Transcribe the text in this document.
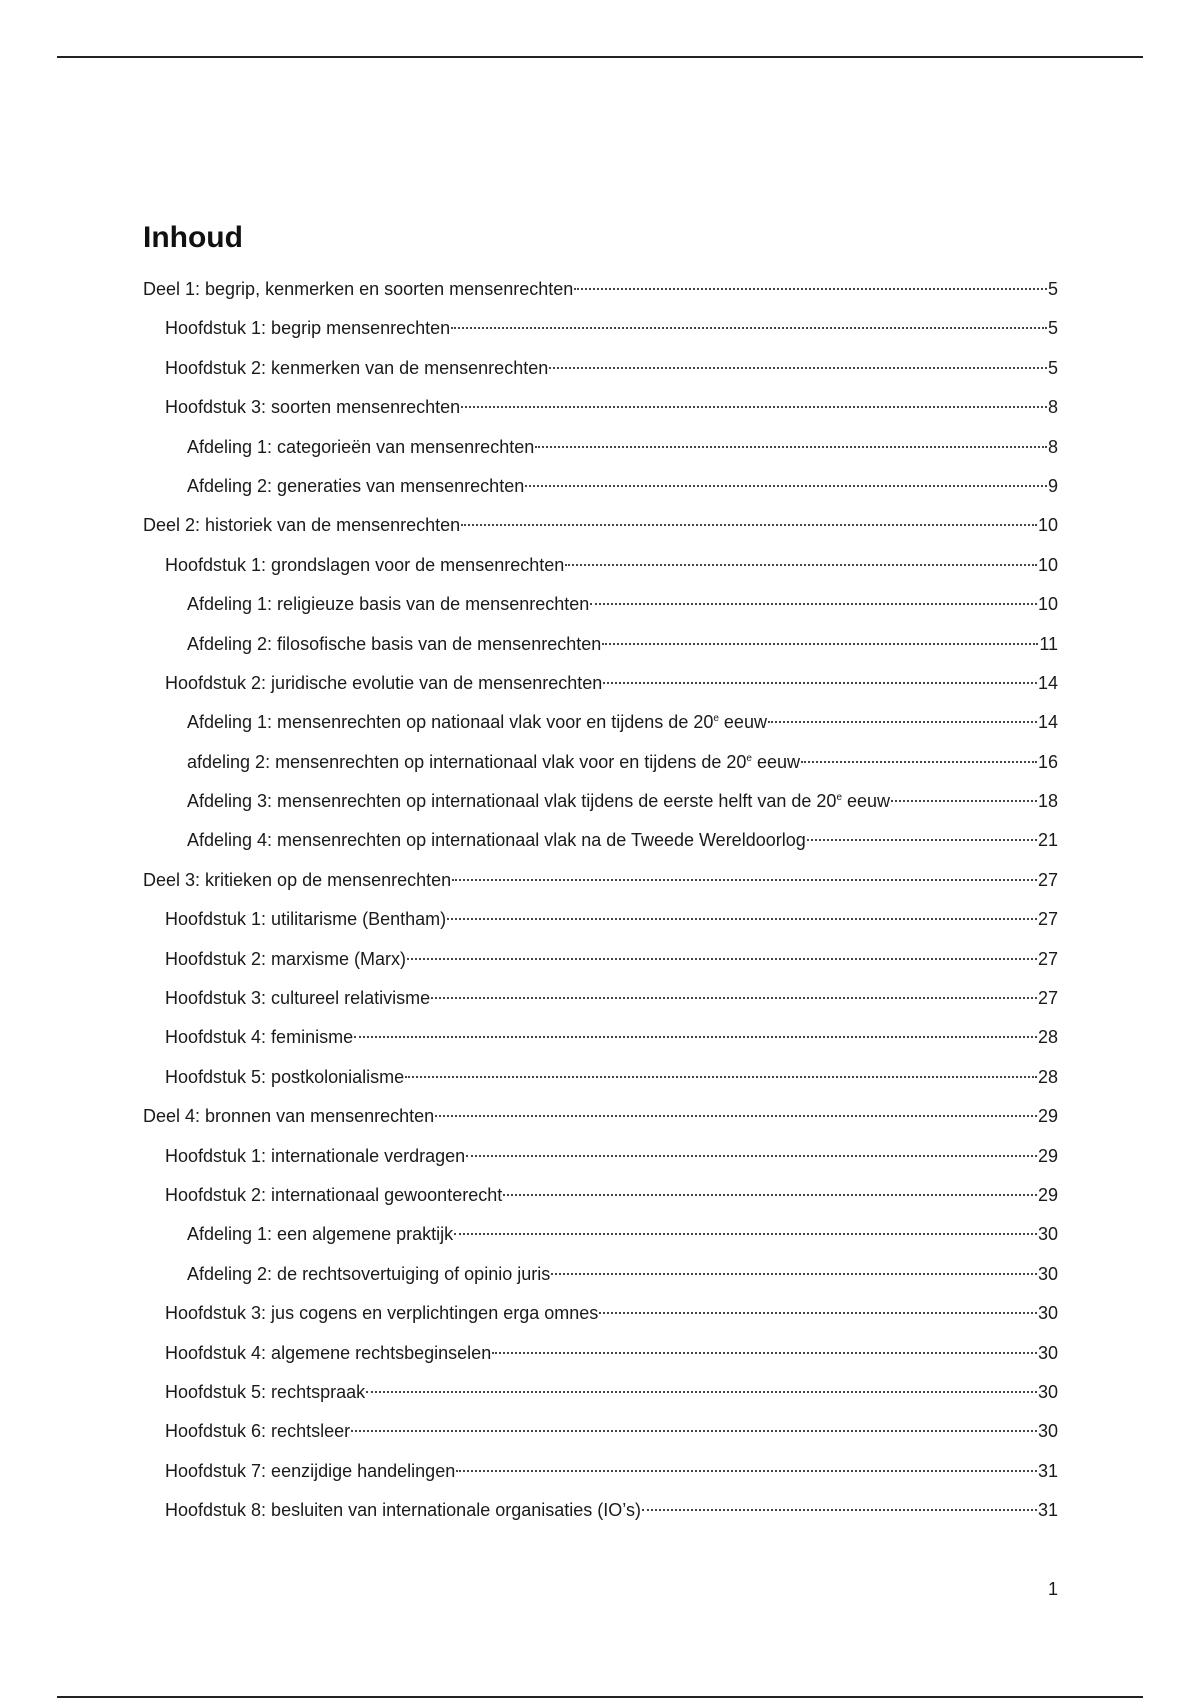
Inhoud
Deel 1: begrip, kenmerken en soorten mensenrechten	5
Hoofdstuk 1: begrip mensenrechten	5
Hoofdstuk 2: kenmerken van de mensenrechten	5
Hoofdstuk 3: soorten mensenrechten	8
Afdeling 1: categorieën van mensenrechten	8
Afdeling 2: generaties van mensenrechten	9
Deel 2: historiek van de mensenrechten	10
Hoofdstuk 1: grondslagen voor de mensenrechten	10
Afdeling 1: religieuze basis van de mensenrechten	10
Afdeling 2: filosofische basis van de mensenrechten	11
Hoofdstuk 2: juridische evolutie van de mensenrechten	14
Afdeling 1: mensenrechten op nationaal vlak voor en tijdens de 20e eeuw	14
afdeling 2: mensenrechten op internationaal vlak voor en tijdens de 20e eeuw	16
Afdeling 3: mensenrechten op internationaal vlak tijdens de eerste helft van de 20e eeuw	18
Afdeling 4: mensenrechten op internationaal vlak na de Tweede Wereldoorlog	21
Deel 3: kritieken op de mensenrechten	27
Hoofdstuk 1: utilitarisme (Bentham)	27
Hoofdstuk 2: marxisme (Marx)	27
Hoofdstuk 3: cultureel relativisme	27
Hoofdstuk 4: feminisme	28
Hoofdstuk 5: postkolonialisme	28
Deel 4: bronnen van mensenrechten	29
Hoofdstuk 1: internationale verdragen	29
Hoofdstuk 2: internationaal gewoonterecht	29
Afdeling 1: een algemene praktijk	30
Afdeling 2: de rechtsovertuiging of opinio juris	30
Hoofdstuk 3: jus cogens en verplichtingen erga omnes	30
Hoofdstuk 4: algemene rechtsbeginselen	30
Hoofdstuk 5: rechtspraak	30
Hoofdstuk 6: rechtsleer	30
Hoofdstuk 7: eenzijdige handelingen	31
Hoofdstuk 8: besluiten van internationale organisaties (IO’s)	31
1
